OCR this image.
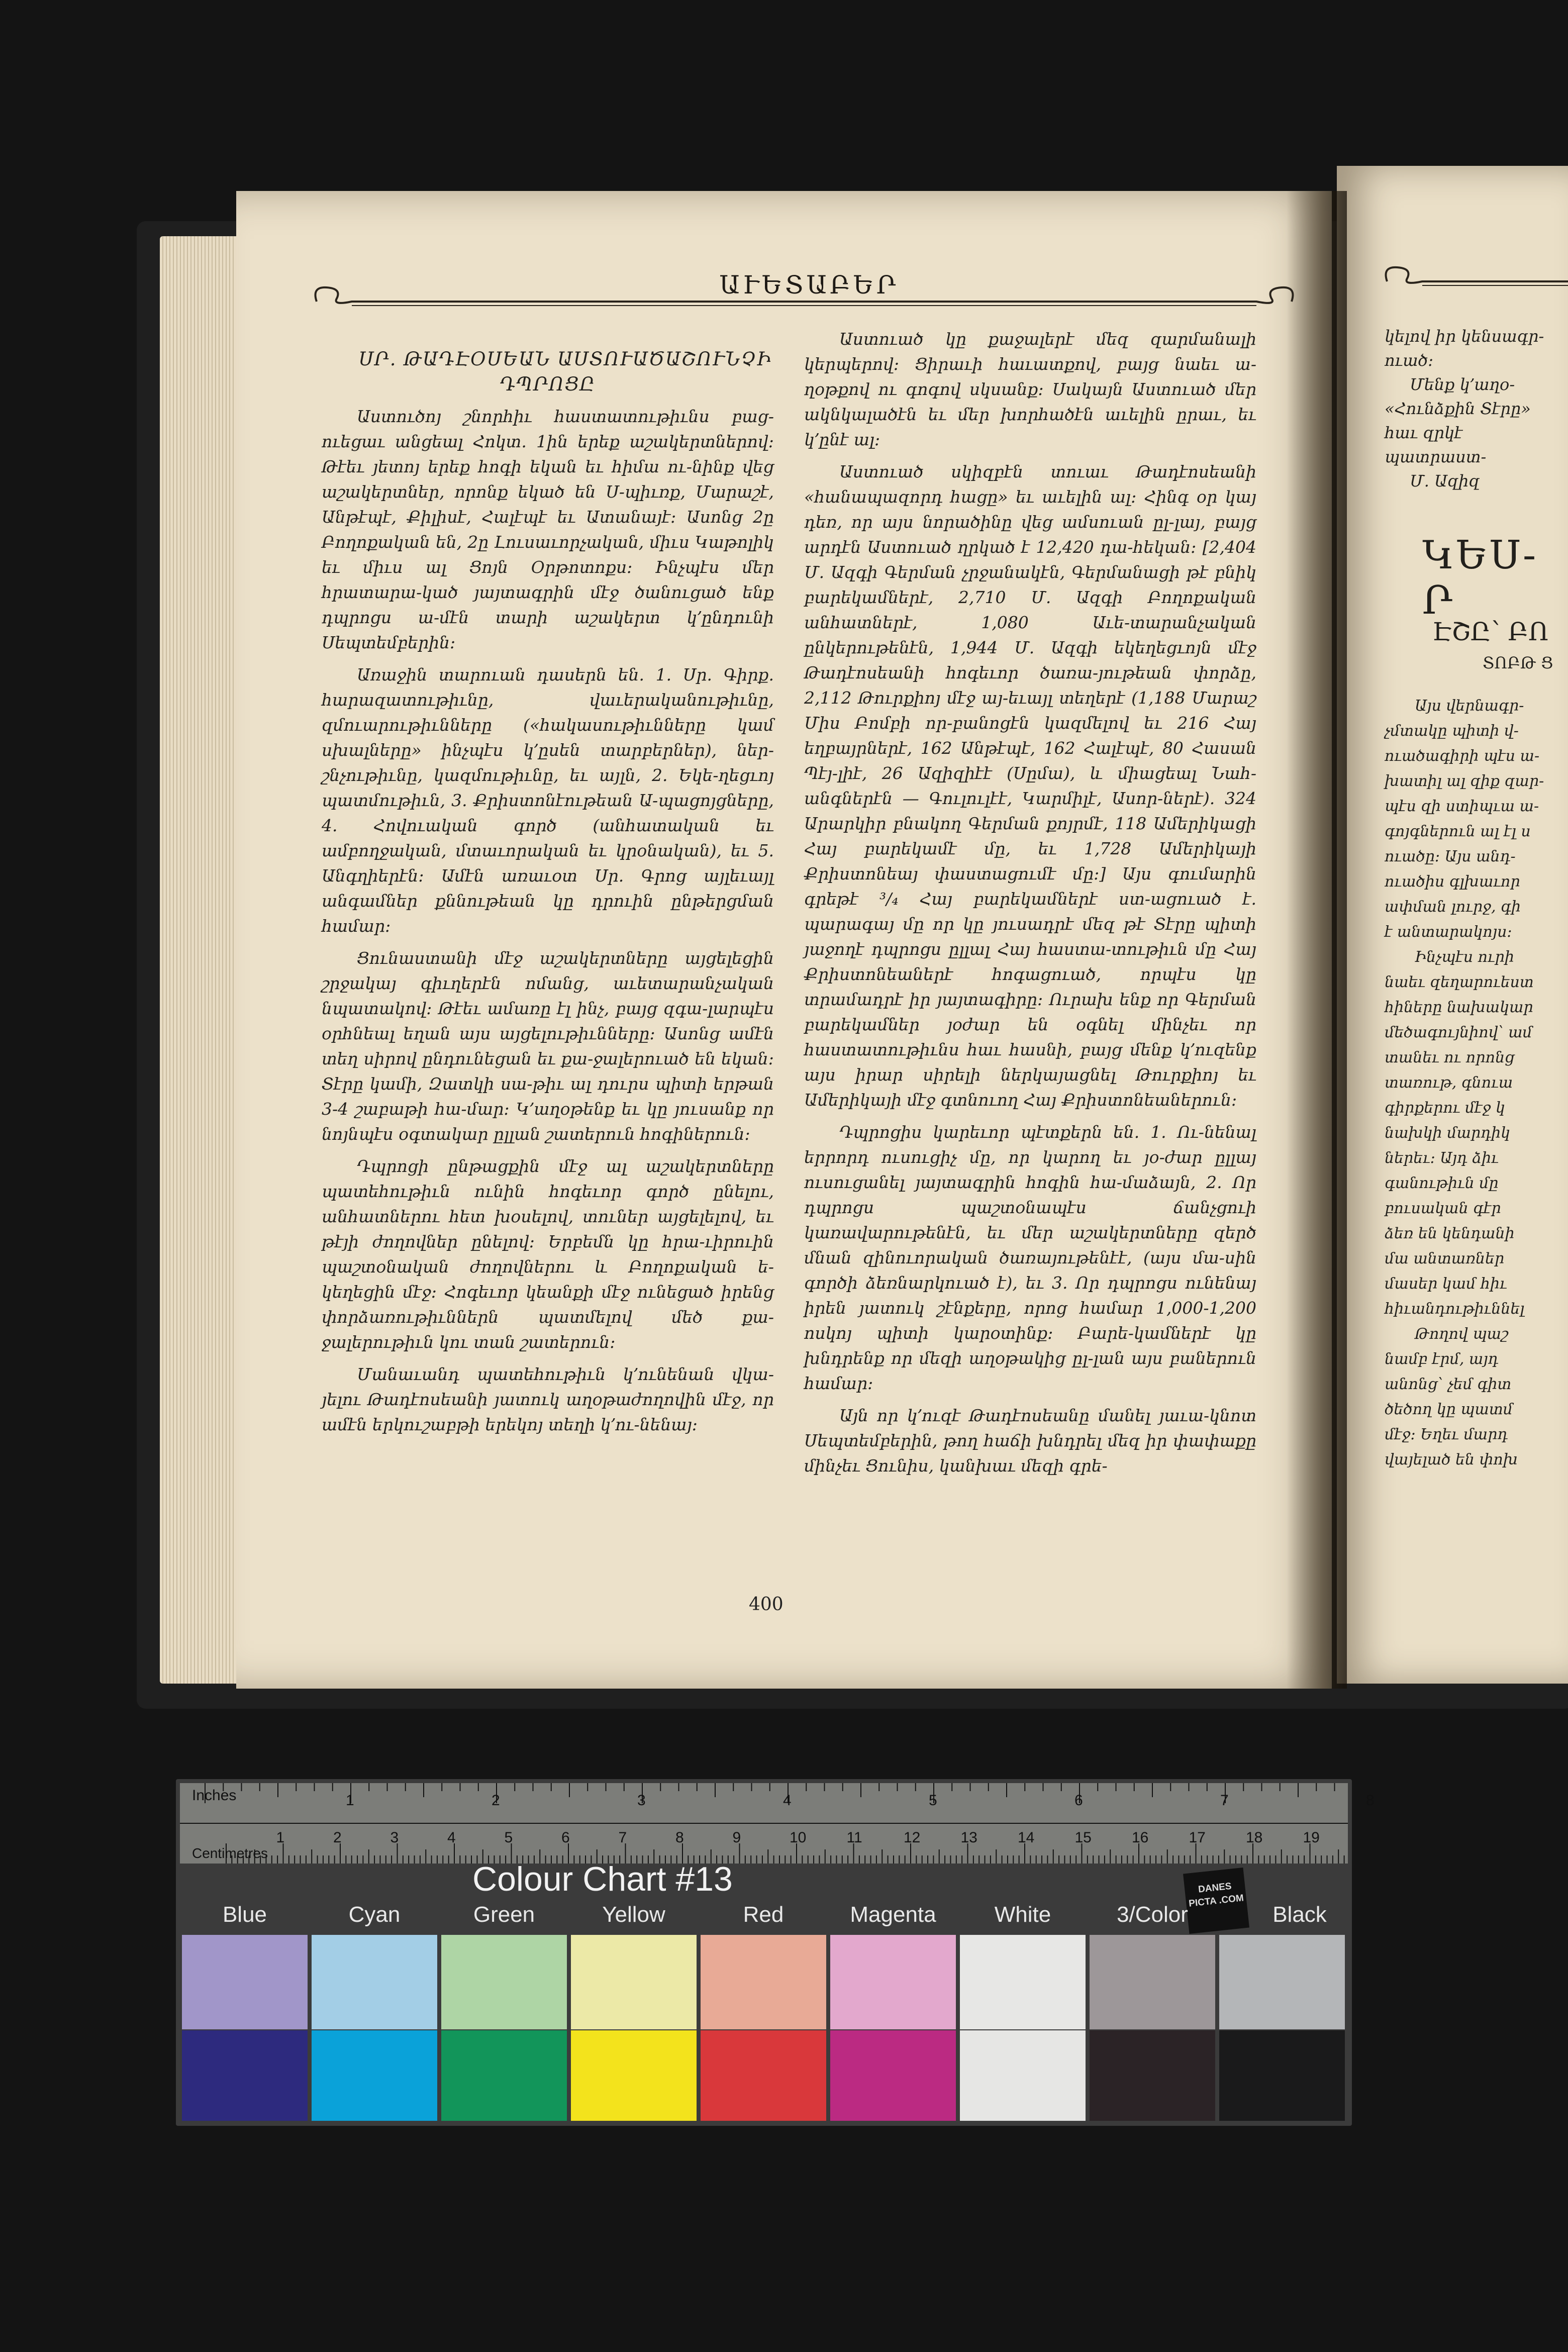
ԱՒԵՏԱԲԵՐ

ՍՐ. ԹԱԴԷՕՍԵԱՆ ԱՍՏՈՒԱԾԱՇՈՒՆՉԻ ԴՊՐՈՑԸ

Աստուծոյ շնորհիւ հաստատութիւնս բաց-ուեցաւ անցեալ Հոկտ. 1ին երեք աշակերտներով։ Թէեւ յետոյ երեք հոգի եկան եւ հիմա ու-նինք վեց աշակերտներ, որոնք եկած են Ս-պիւռք, Մարաշէ, Անթէպէ, Քիլիսէ, Հալէպէ եւ Ատանայէ։ Ասոնց 2ը Բողոքական են, 2ը Լուսաւորչական, միւս Կաթոլիկ եւ միւս ալ Ցոյն Օրթոտոքս։ Ինչպէս մեր հրատարա-կած յայտագրին մէջ ծանուցած ենք դպրոցս ա-մէն տարի աշակերտ կ՚ընդունի Սեպտեմբերին։

Առաջին տարուան դասերն են. 1. Սր. Գիրք. հարազատութիւնը, վաւերականութիւնը, զմուարութիւնները («հակասութիւնները կամ սխալները» ինչպէս կ՚ըսեն տարբերներ), ներ-շնչութիւնը, կազմութիւնը, եւ այլն, 2. Եկե-ղեցւոյ պատմութիւն, 3. Քրիստոնէութեան Ա-պացոյցները, 4. Հովուական գործ (անհատական եւ ամբողջական, մտաւորական եւ կրօնական), եւ 5. Անգղիերէն։ Ամէն առաւօտ Սր. Գրոց այլեւայլ անգամներ քննութեան կը դրուին ընթերցման համար։

Ցունաստանի մէջ աշակերտները այցելեցին շրջակայ գիւղերէն ոմանց, աւետարանչական նպատակով։ Թէեւ ամառը էլ ինչ, բայց զգա-լարպէս օրհնեալ եղան այս այցելութիւնները։ Ասոնց ամէն տեղ սիրով ընդունեցան եւ քա-ջալերուած են եկան։ Տէրը կամի, Զատկի սա-թիւ ալ դուրս պիտի երթան 3-4 շաբաթի հա-մար։ Կ՚աղօթենք եւ կը յուսանք որ նոյնպէս օգտակար ըլլան շատերուն հոգիներուն։

Դպրոցի ընթացքին մէջ ալ աշակերտները պատեհութիւն ունին հոգեւոր գործ ընելու, անհատներու հետ խօսելով, տուներ այցելելով, եւ թէյի ժողովներ ընելով։ Երբեմն կը հրա-ւիրուին պաշտօնական ժողովներու և Բողոքական ե-կեղեցին մէջ։ Հոգեւոր կեանքի մէջ ունեցած իրենց փորձառութիւններն պատմելով մեծ քա-ջալերութիւն կու տան շատերուն։

Մանաւանդ պատեհութիւն կ՚ունենան վկա-յելու Թադէոսեանի յատուկ աղօթաժողովին մէջ, որ ամէն երկուշաբթի երեկոյ տեղի կ՚ու-նենայ։

Աստուած կը քաջալերէ մեզ զարմանալի կերպերով։ Ցիրաւի հաւատքով, բայց նաեւ ա-ղօթքով ու գոգով սկսանք։ Սակայն Աստուած մեր ակնկալածէն եւ մեր խորհածէն աւելին ըրաւ, եւ կ՚ընէ ալ։

Աստուած սկիզբէն տուաւ Թադէոսեանի «հանապազորդ հացը» եւ աւելին ալ։ Հինգ օր կայ դեռ, որ այս նորածինը վեց ամսուան ըլ-լայ, բայց արդէն Աստուած ղրկած է 12,420 դա-հեկան։ [2,404 Մ. Ազգի Գերման չրջանակէն, Գերմանացի թէ բնիկ բարեկամներէ, 2,710 Մ. Ազգի Բողոքական անհատներէ, 1,080 Աւե-տարանչական ընկերութենէն, 1,944 Մ. Ազգի եկեղեցւոյն մէջ Թադէոսեանի հոգեւոր ծառա-յութեան փորձը, 2,112 Թուրքիոյ մէջ այ-եւայլ տեղերէ (1,188 Մարաշ Միս Բոմբի որ-բանոցէն կազմելով եւ 216 Հայ եղբայրներէ, 162 Անթէպէ, 162 Հալէպէ, 80 Հասան Պէյ-լիէ, 26 Ազիզիէէ (Սըմա), և միացեալ Նահ-անգներէն — Գուլուլէէ, Կարմիլէ, Ասոր-ներէ). 324 Արարկիր բնակող Գերման քոյրմէ, 118 Ամերիկացի Հայ բարեկամէ մը, եւ 1,728 Ամերիկայի Քրիստոնեայ փաստացումէ մը։] Այս գումարին գրեթէ ³/₄ Հայ բարեկամներէ ստ-ացուած է. պարագայ մը որ կը յուսադրէ մեզ թէ Տէրը պիտի յաջողէ դպրոցս ըլլալ Հայ հաստա-տութիւն մը Հայ Քրիստոնեաներէ հոգացուած, որպէս կը տրամադրէ իր յայտագիրը։ Ուրախ ենք որ Գերման բարեկամներ յօժար են օգնել մինչեւ որ հաստատութիւնս հաւ հասնի, բայց մենք կ՚ուզենք այս իրար սիրելի ներկայացնել Թուրքիոյ եւ Ամերիկայի մէջ գտնուող Հայ Քրիստոնեաներուն։

Դպրոցիս կարեւոր պէտքերն են. 1. Ու-նենալ երրորդ ուսուցիչ մը, որ կարող եւ յօ-ժար ըլլայ ուսուցանել յայտագրին հոգին հա-մաձայն, 2. Որ դպրոցս պաշտօնապէս ճանչցուի կառավարութենէն, եւ մեր աշակերտները զերծ մնան զինուորական ծառայութենէէ, (այս մա-սին գործի ձեռնարկուած է), եւ 3. Որ դպրոցս ունենայ իրեն յատուկ շէնքերը, որոց համար 1,000-1,200 ոսկոյ պիտի կարօտինք։ Բարե-կամներէ կը խնդրենք որ մեզի աղօթակից ըլ-լան այս բաներուն համար։

Այն որ կ՚ուզէ Թադէոսեանը մանել յաւա-կնոտ Սեպտեմբերին, թող հաճի խնդրել մեզ իր փափաքը մինչեւ Ցունիս, կանխաւ մեզի գրե-

400
կելով իր կենսագր-
ուած։
Մենք կ՚աղօ-
«Հունձքին Տէրը»
հաւ զրկէ պատրաստ-
Մ. Ազիզ
ԿԵՍ-Ր
ԷՇԸ՝ ԲՈ
ՏՈԲԹ Ց
Այս վերնագր-
չմտակը պիտի վ-
ուածագիրի պէս ա-
խատիլ ալ զիք զար-
պէս զի ստիպւա ա-
գոյգներուն ալ էլ ս
ուածը։ Այս անդ-
ուածիս գլխաւոր
ափման լուրջ, գի
է անտարակոյս։
Ինչպէս ուրի
նաեւ զեղարուեստ
հիները նախակար
մեծագույնիով՝ ամ
տանեւ ու որոնց
տառութ, գնուա
գիրքերու մէջ կ
նախկի մարդիկ
ներեւ։ Այդ ձիւ
գանութիւն մը
բուսական գէր
ձեռ են կենդանի
մա անտառներ
մասեր կամ հիւ
հիւանդութիւննել
Թողով պաշ
նամբ էրմ, այդ
անոնց՝ չեմ գիտ
ծեծող կը պատմ
մէջ։ Եղեւ մարդ
վայելած են փոխ
Inches
Centimetres
1	2	3	4	5	6	7	8
1	2	3	4	5	6	7	8	9	10	11	12	13	14	15	16	17	18	19
Colour Chart #13	DANES PICTA .COM
Blue	Cyan	Green	Yellow	Red	Magenta	White	3/Color	Black
